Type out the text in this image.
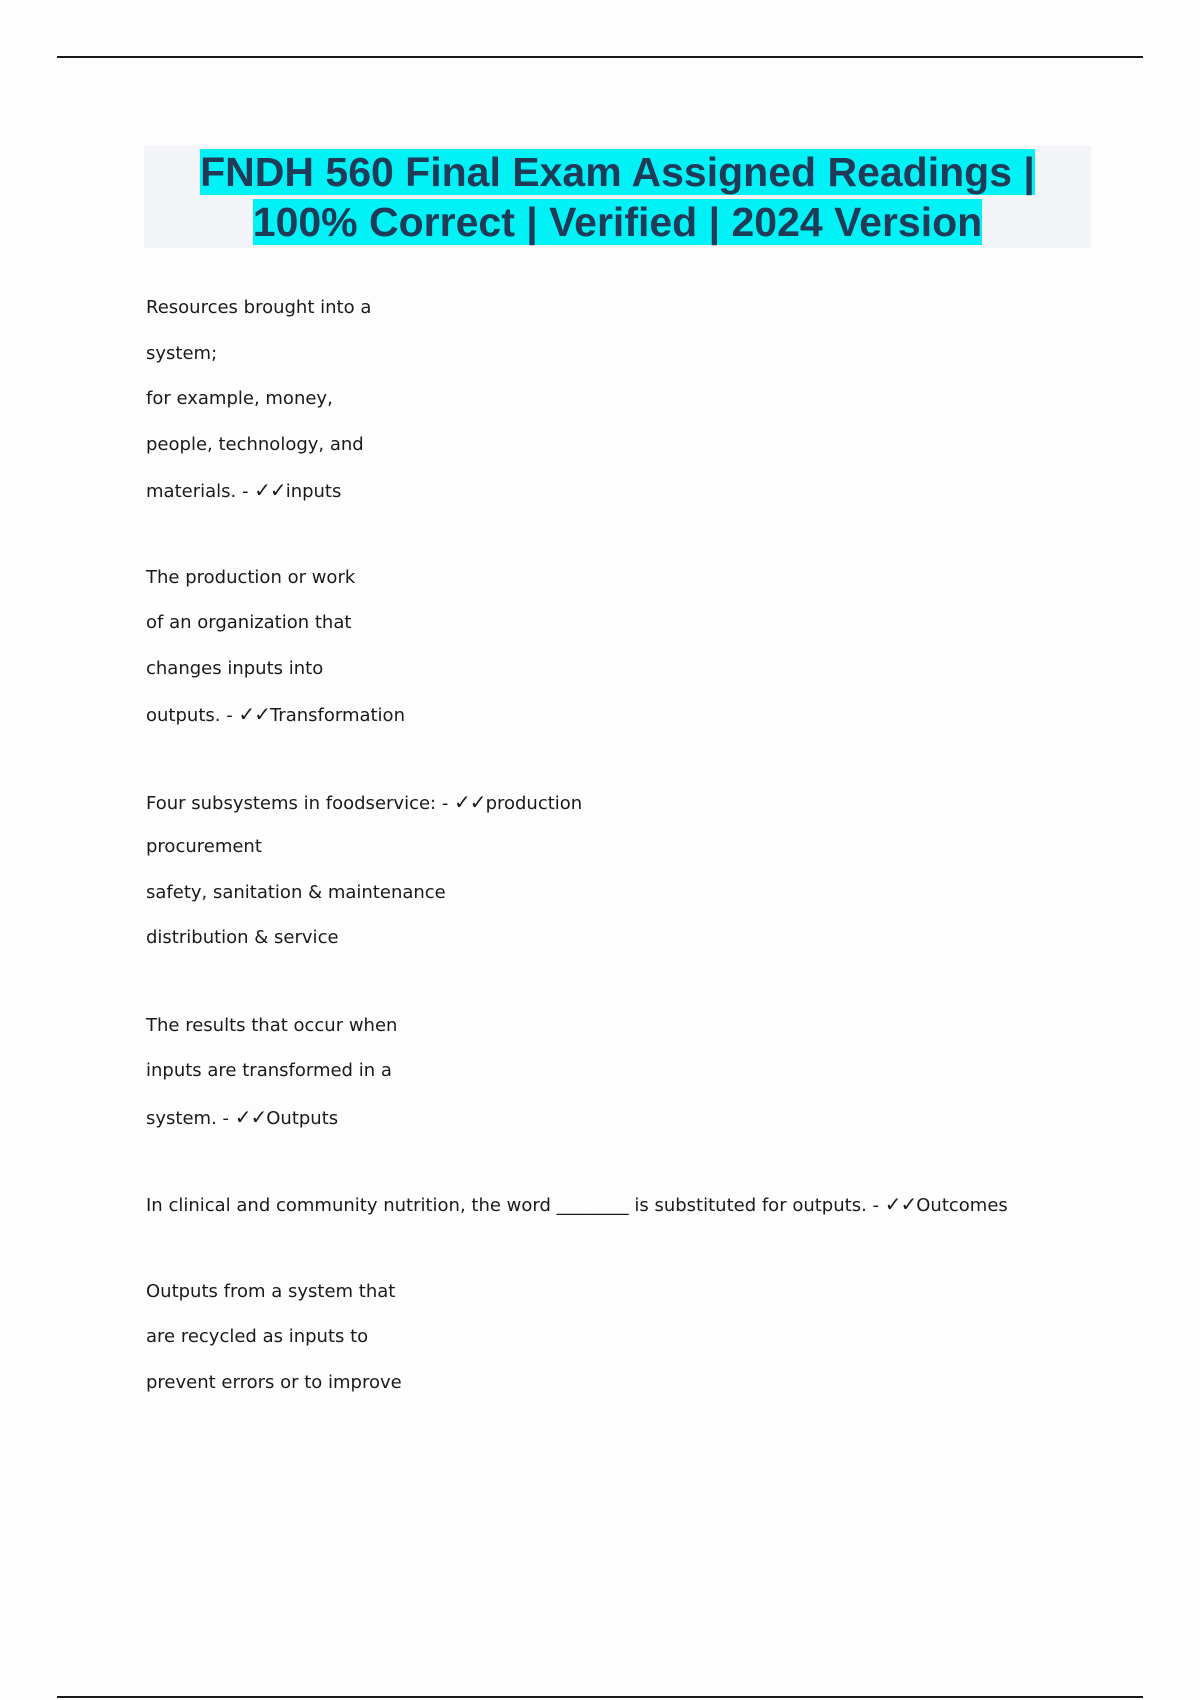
FNDH 560 Final Exam Assigned Readings |
100% Correct | Verified | 2024 Version
Resources brought into a
system;
for example, money,
people, technology, and
materials. - ✓✓inputs
The production or work
of an organization that
changes inputs into
outputs. - ✓✓Transformation
Four subsystems in foodservice: - ✓✓production
procurement
safety, sanitation & maintenance
distribution & service
The results that occur when
inputs are transformed in a
system. - ✓✓Outputs
In clinical and community nutrition, the word ________ is substituted for outputs. - ✓✓Outcomes
Outputs from a system that
are recycled as inputs to
prevent errors or to improve
